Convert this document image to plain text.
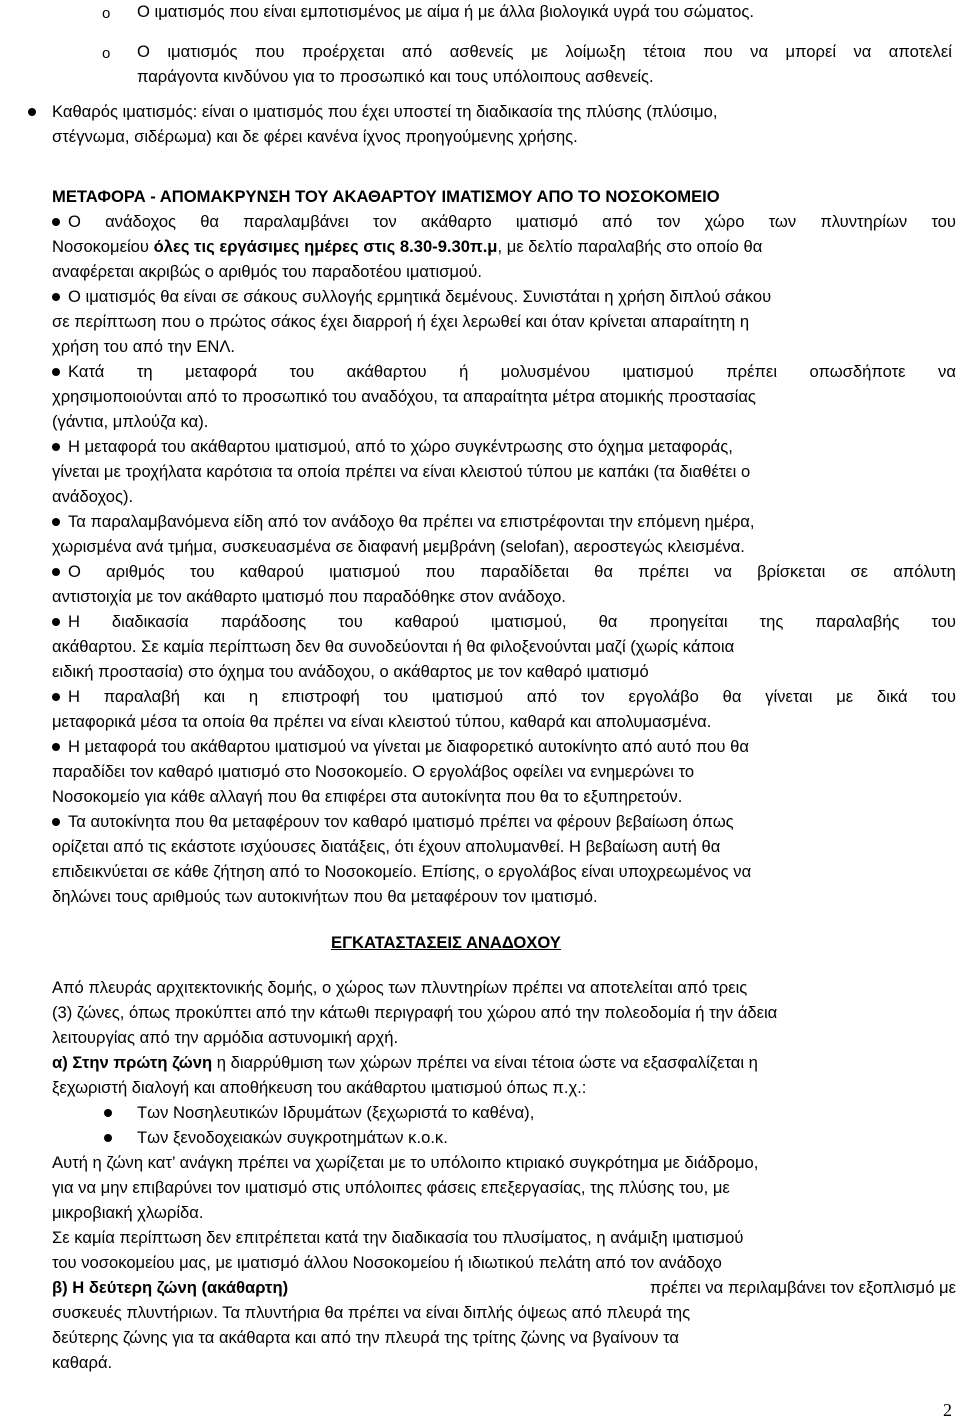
o Ο ιματισμός που είναι εμποτισμένος με αίμα ή με άλλα βιολογικά υγρά του σώματος.
o Ο ιματισμός που προέρχεται από ασθενείς με λοίμωξη τέτοια που να μπορεί να αποτελεί
παράγοντα κινδύνου για το προσωπικό και τους υπόλοιπους ασθενείς.
Καθαρός ιματισμός: είναι ο ιματισμός που έχει υποστεί τη διαδικασία της πλύσης (πλύσιμο,
στέγνωμα, σιδέρωμα) και δε φέρει κανένα ίχνος προηγούμενης χρήσης.
ΜΕΤΑΦΟΡΑ - ΑΠΟΜΑΚΡΥΝΣΗ ΤΟΥ ΑΚΑΘΑΡΤΟΥ ΙΜΑΤΙΣΜΟΥ ΑΠΟ ΤΟ ΝΟΣΟΚΟΜΕΙΟ
Ο ανάδοχος θα παραλαμβάνει τον ακάθαρτο ιματισμό από τον χώρο των πλυντηρίων του
Νοσοκομείου όλες τις εργάσιμες ημέρες στις 8.30-9.30π.μ, με δελτίο παραλαβής στο οποίο θα
αναφέρεται ακριβώς ο αριθμός του παραδοτέου ιματισμού.
Ο ιματισμός θα είναι σε σάκους συλλογής ερμητικά δεμένους. Συνιστάται η χρήση διπλού σάκου
σε περίπτωση που ο πρώτος σάκος έχει διαρροή ή έχει λερωθεί και όταν κρίνεται απαραίτητη η
χρήση του από την ΕΝΛ.
Κατά τη μεταφορά του ακάθαρτου ή μολυσμένου ιματισμού πρέπει οπωσδήποτε να
χρησιμοποιούνται από το προσωπικό του αναδόχου, τα απαραίτητα μέτρα ατομικής προστασίας
(γάντια, μπλούζα κα).
Η μεταφορά του ακάθαρτου ιματισμού, από το χώρο συγκέντρωσης στο όχημα μεταφοράς,
γίνεται με τροχήλατα καρότσια τα οποία πρέπει να είναι κλειστού τύπου με καπάκι (τα διαθέτει ο
ανάδοχος).
Τα παραλαμβανόμενα είδη από τον ανάδοχο θα πρέπει να επιστρέφονται την επόμενη ημέρα,
χωρισμένα ανά τμήμα, συσκευασμένα σε διαφανή μεμβράνη (selofan), αεροστεγώς κλεισμένα.
Ο αριθμός του καθαρού ιματισμού που παραδίδεται θα πρέπει να βρίσκεται σε απόλυτη
αντιστοιχία με τον ακάθαρτο ιματισμό που παραδόθηκε στον ανάδοχο.
Η διαδικασία παράδοσης του καθαρού ιματισμού, θα προηγείται της παραλαβής του
ακάθαρτου. Σε καμία περίπτωση δεν θα συνοδεύονται ή θα φιλοξενούνται μαζί (χωρίς κάποια
ειδική προστασία) στο όχημα του ανάδοχου, ο ακάθαρτος με τον καθαρό ιματισμό
Η παραλαβή και η επιστροφή του ιματισμού από τον εργολάβο θα γίνεται με δικά του
μεταφορικά μέσα τα οποία θα πρέπει να είναι κλειστού τύπου, καθαρά και απολυμασμένα.
Η μεταφορά του ακάθαρτου ιματισμού να γίνεται με διαφορετικό αυτοκίνητο από αυτό που θα
παραδίδει τον καθαρό ιματισμό στο Νοσοκομείο. Ο εργολάβος οφείλει να ενημερώνει το
Νοσοκομείο για κάθε αλλαγή που θα επιφέρει στα αυτοκίνητα που θα το εξυπηρετούν.
Τα αυτοκίνητα που θα μεταφέρουν τον καθαρό ιματισμό πρέπει να φέρουν βεβαίωση όπως
ορίζεται από τις εκάστοτε ισχύουσες διατάξεις, ότι έχουν απολυμανθεί. Η βεβαίωση αυτή θα
επιδεικνύεται σε κάθε ζήτηση από το Νοσοκομείο. Επίσης, ο εργολάβος είναι υποχρεωμένος να
δηλώνει τους αριθμούς των αυτοκινήτων που θα μεταφέρουν τον ιματισμό.
ΕΓΚΑΤΑΣΤΑΣΕΙΣ ΑΝΑΔΟΧΟΥ
Από πλευράς αρχιτεκτονικής δομής, ο χώρος των πλυντηρίων πρέπει να αποτελείται από τρεις
(3) ζώνες, όπως προκύπτει από την κάτωθι περιγραφή του χώρου από την πολεοδομία ή την άδεια
λειτουργίας από την αρμόδια αστυνομική αρχή.
α) Στην πρώτη ζώνη η διαρρύθμιση των χώρων πρέπει να είναι τέτοια ώστε να εξασφαλίζεται η
ξεχωριστή διαλογή και αποθήκευση του ακάθαρτου ιματισμού όπως π.χ.:
Των Νοσηλευτικών Ιδρυμάτων (ξεχωριστά το καθένα),
Των ξενοδοχειακών συγκροτημάτων κ.ο.κ.
Αυτή η ζώνη κατ’ ανάγκη πρέπει να χωρίζεται με το υπόλοιπο κτιριακό συγκρότημα με διάδρομο,
για να μην επιβαρύνει τον ιματισμό στις υπόλοιπες φάσεις επεξεργασίας, της πλύσης του, με
μικροβιακή χλωρίδα.
Σε καμία περίπτωση δεν επιτρέπεται κατά την διαδικασία του πλυσίματος, η ανάμιξη ιματισμού
του νοσοκομείου μας, με ιματισμό άλλου Νοσοκομείου ή ιδιωτικού πελάτη από τον ανάδοχο
β) Η δεύτερη ζώνη (ακάθαρτη)	πρέπει να περιλαμβάνει τον εξοπλισμό με
συσκευές πλυντήριων. Τα πλυντήρια θα πρέπει να είναι διπλής όψεως από πλευρά της
δεύτερης ζώνης για τα ακάθαρτα και από την πλευρά της τρίτης ζώνης να βγαίνουν τα
καθαρά.
2
